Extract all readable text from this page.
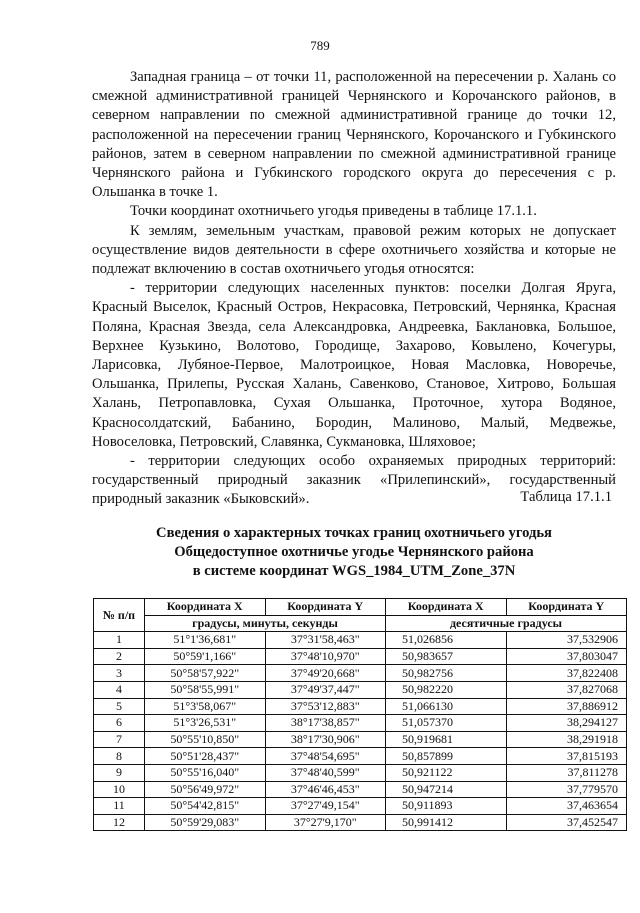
789

Западная граница – от точки 11, расположенной на пересечении р. Халань со смежной административной границей Чернянского и Корочанского районов, в северном направлении по смежной административной границе до точки 12, расположенной на пересечении границ Чернянского, Корочанского и Губкинского районов, затем в северном направлении по смежной административной границе Чернянского района и Губкинского городского округа до пересечения с р. Ольшанка в точке 1.

Точки координат охотничьего угодья приведены в таблице 17.1.1.

К землям, земельным участкам, правовой режим которых не допускает осуществление видов деятельности в сфере охотничьего хозяйства и которые не подлежат включению в состав охотничьего угодья относятся:

- территории следующих населенных пунктов: поселки Долгая Яруга, Красный Выселок, Красный Остров, Некрасовка, Петровский, Чернянка, Красная Поляна, Красная Звезда, села Александровка, Андреевка, Баклановка, Большое, Верхнее Кузькино, Волотово, Городище, Захарово, Ковылено, Кочегуры, Ларисовка, Лубяное-Первое, Малотроицкое, Новая Масловка, Новоречье, Ольшанка, Прилепы, Русская Халань, Савенково, Становое, Хитрово, Большая Халань, Петропавловка, Сухая Ольшанка, Проточное, хутора Водяное, Красносолдатский, Бабанино, Бородин, Малиново, Малый, Медвежье, Новоселовка, Петровский, Славянка, Сукмановка, Шляховое;

- территории следующих особо охраняемых природных территорий: государственный природный заказник «Прилепинский», государственный природный заказник «Быковский».	Таблица 17.1.1
Сведения о характерных точках границ охотничьего угодья
Общедоступное охотничье угодье Чернянского района
в системе координат WGS_1984_UTM_Zone_37N
№ п/п	Координата X	Координата Y	Координата X	Координата Y
	градусы, минуты, секунды		десятичные градусы	
1	51°1'36,681"	37°31'58,463"	51,026856	37,532906
2	50°59'1,166"	37°48'10,970"	50,983657	37,803047
3	50°58'57,922"	37°49'20,668"	50,982756	37,822408
4	50°58'55,991"	37°49'37,447"	50,982220	37,827068
5	51°3'58,067"	37°53'12,883"	51,066130	37,886912
6	51°3'26,531"	38°17'38,857"	51,057370	38,294127
7	50°55'10,850"	38°17'30,906"	50,919681	38,291918
8	50°51'28,437"	37°48'54,695"	50,857899	37,815193
9	50°55'16,040"	37°48'40,599"	50,921122	37,811278
10	50°56'49,972"	37°46'46,453"	50,947214	37,779570
11	50°54'42,815"	37°27'49,154"	50,911893	37,463654
12	50°59'29,083"	37°27'9,170"	50,991412	37,452547
